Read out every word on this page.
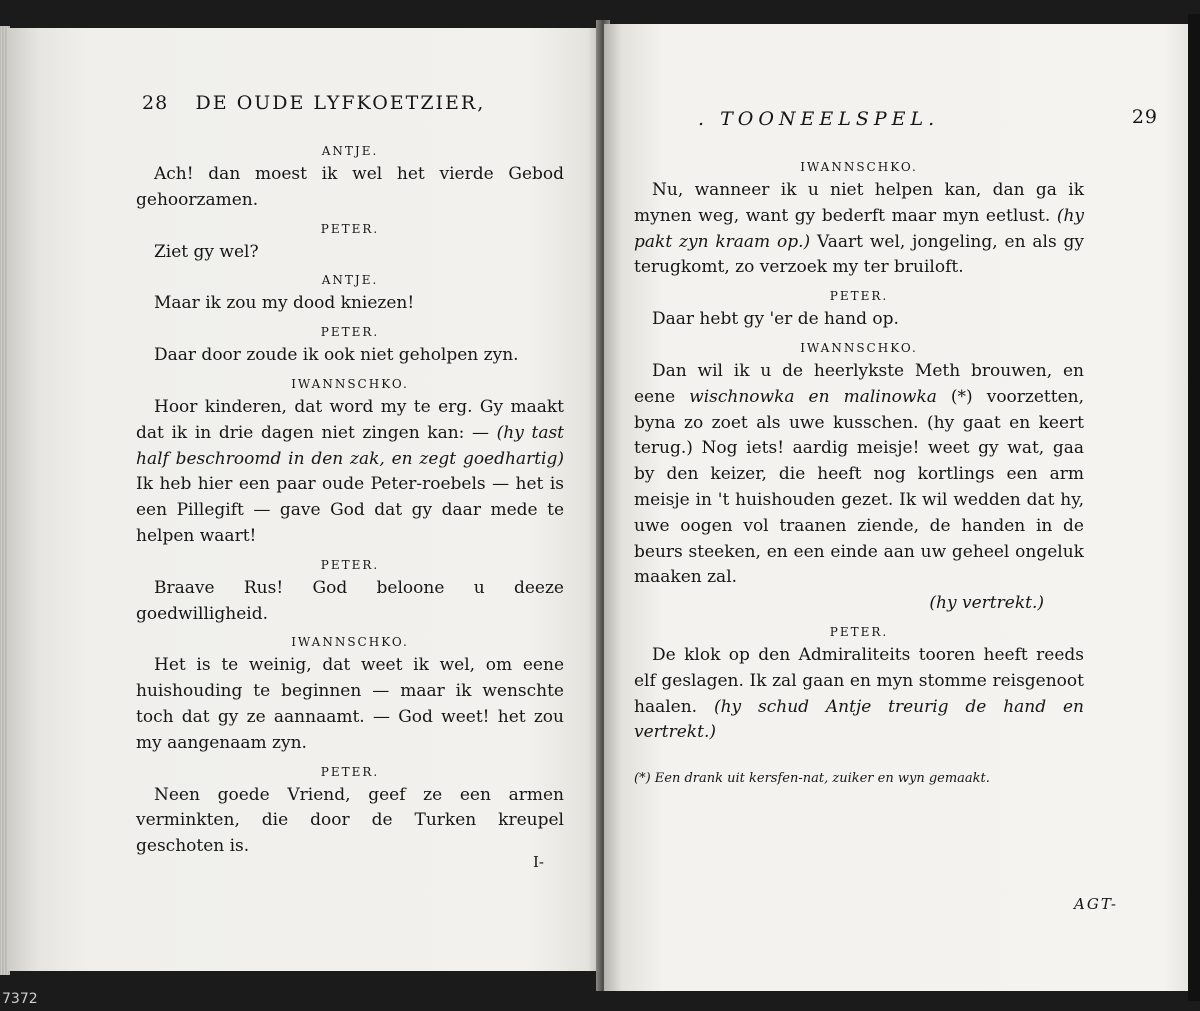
28 DE OUDE LYFKOETZIER,
ANTJE.
Ach! dan moest ik wel het vierde Gebod gehoorzamen.
PETER.
Ziet gy wel?
ANTJE.
Maar ik zou my dood kniezen!
PETER.
Daar door zoude ik ook niet geholpen zyn.
IWANNSCHKO.
Hoor kinderen, dat word my te erg. Gy maakt dat ik in drie dagen niet zingen kan: — (hy tast half beschroomd in den zak, en zegt goedhartig) Ik heb hier een paar oude Peter-roebels — het is een Pillegift — gave God dat gy daar mede te helpen waart!
PETER.
Braave Rus! God beloone u deeze goedwilligheid.
IWANNSCHKO.
Het is te weinig, dat weet ik wel, om eene huishouding te beginnen — maar ik wenschte toch dat gy ze aannaamt. — God weet! het zou my aangenaam zyn.
PETER.
Neen goede Vriend, geef ze een armen verminkten, die door de Turken kreupel geschoten is.
I-
. TOONEELSPEL.	29
IWANNSCHKO.
Nu, wanneer ik u niet helpen kan, dan ga ik mynen weg, want gy bederft maar myn eetlust. (hy pakt zyn kraam op.) Vaart wel, jongeling, en als gy terugkomt, zo verzoek my ter bruiloft.
PETER.
Daar hebt gy 'er de hand op.
IWANNSCHKO.
Dan wil ik u de heerlykste Meth brouwen, en eene wischnowka en malinowka (*) voorzetten, byna zo zoet als uwe kusschen. (hy gaat en keert terug.) Nog iets! aardig meisje! weet gy wat, gaa by den keizer, die heeft nog kortlings een arm meisje in 't huishouden gezet. Ik wil wedden dat hy, uwe oogen vol traanen ziende, de handen in de beurs steeken, en een einde aan uw geheel ongeluk maaken zal.
(hy vertrekt.)
PETER.
De klok op den Admiraliteits tooren heeft reeds elf geslagen. Ik zal gaan en myn stomme reisgenoot haalen. (hy schud Antje treurig de hand en vertrekt.)
(*) Een drank uit kersfen-nat, zuiker en wyn gemaakt.
AGT-
7372
